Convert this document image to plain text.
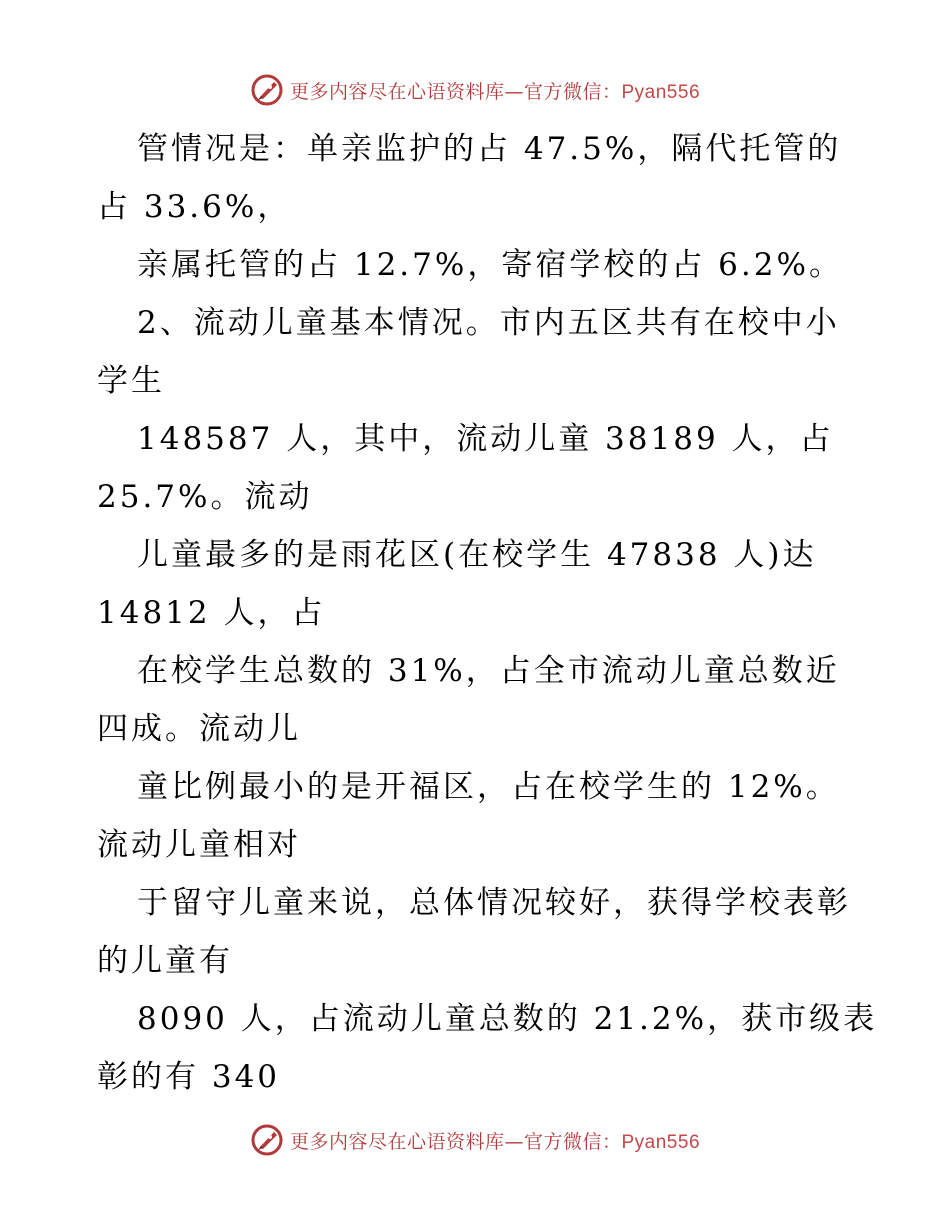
更多内容尽在心语资料库—官方微信：Pyan556
管情况是：单亲监护的占 47.5%，隔代托管的
占 33.6%，
亲属托管的占 12.7%，寄宿学校的占 6.2%。
2、流动儿童基本情况。市内五区共有在校中小
学生
148587 人，其中，流动儿童 38189 人，占
25.7%。流动
儿童最多的是雨花区(在校学生 47838 人)达
14812 人，占
在校学生总数的 31%，占全市流动儿童总数近
四成。流动儿
童比例最小的是开福区，占在校学生的 12%。
流动儿童相对
于留守儿童来说，总体情况较好，获得学校表彰
的儿童有
8090 人，占流动儿童总数的 21.2%，获市级表
彰的有 340
更多内容尽在心语资料库—官方微信：Pyan556
